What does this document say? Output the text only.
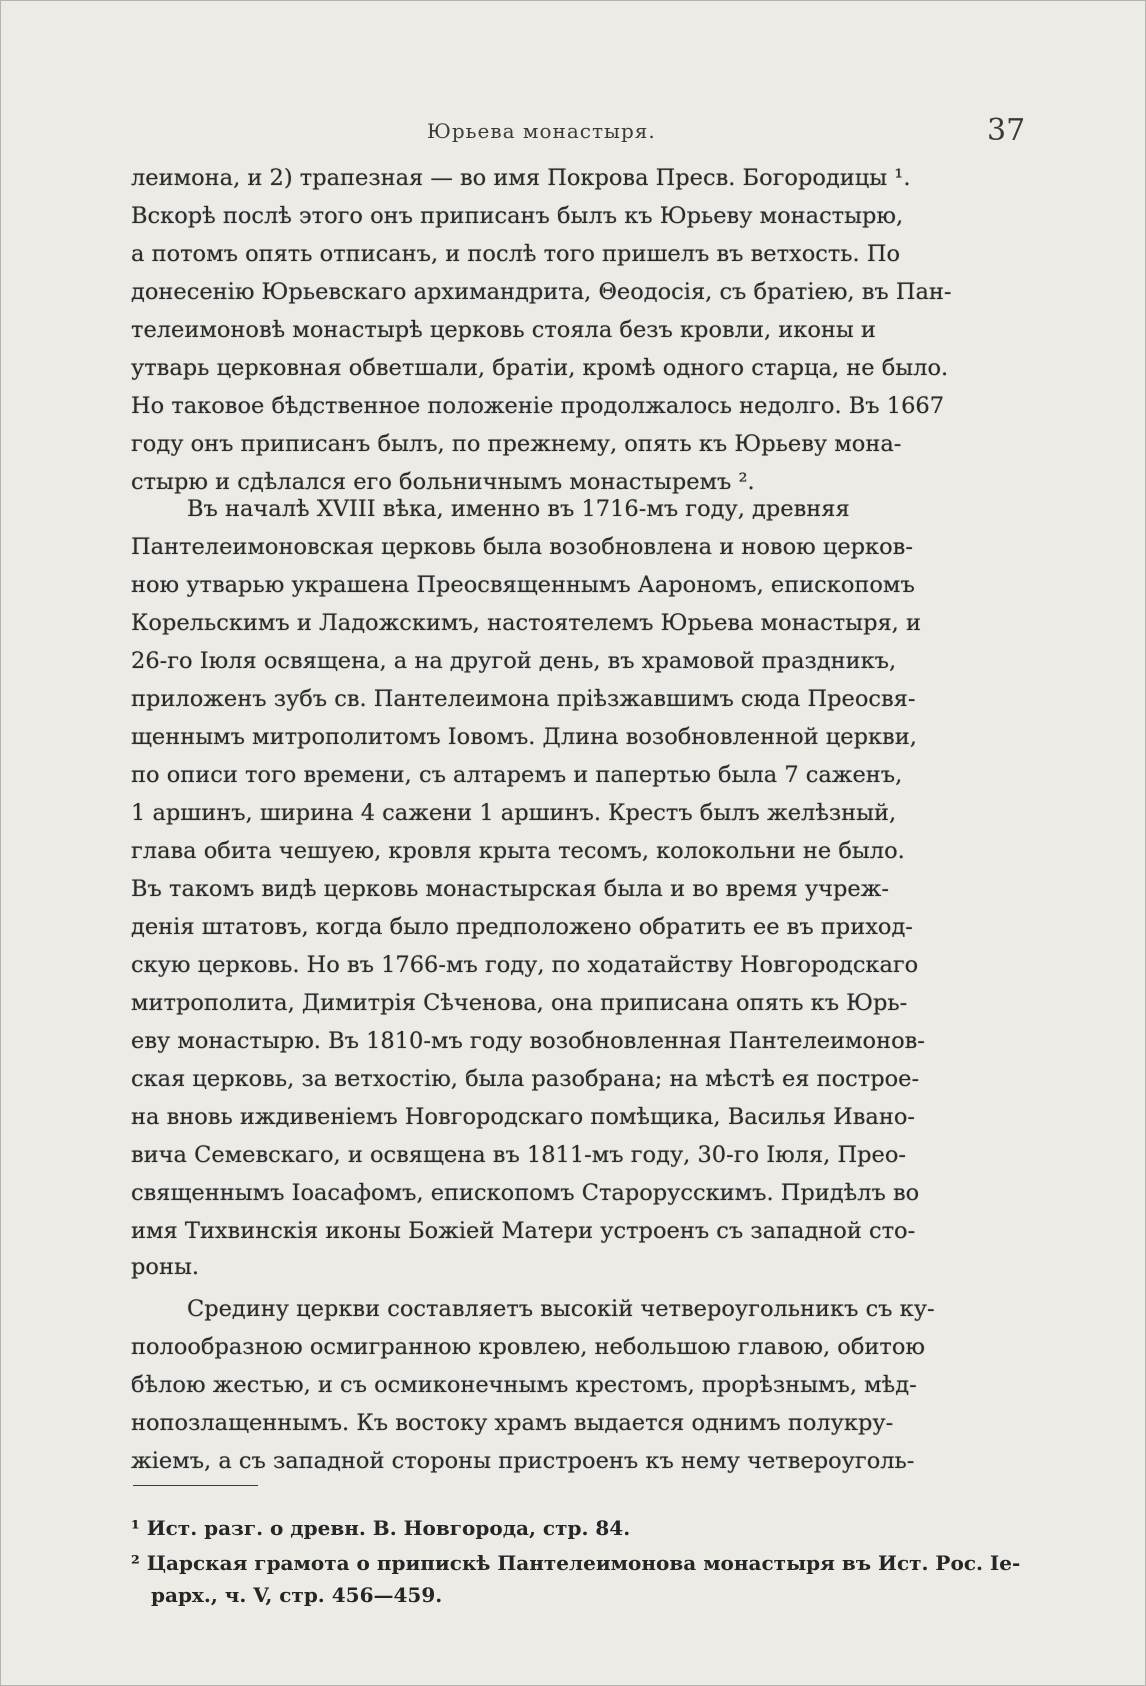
Юрьева монастыря.	37
леимона, и 2) трапезная — во имя Покрова Пресв. Богородицы ¹.
Вскорѣ послѣ этого онъ приписанъ былъ къ Юрьеву монастырю,
а потомъ опять отписанъ, и послѣ того пришелъ въ ветхость. По
донесенію Юрьевскаго архимандрита, Θеодосія, съ братіею, въ Пан-
телеимоновѣ монастырѣ церковь стояла безъ кровли, иконы и
утварь церковная обветшали, братіи, кромѣ одного старца, не было.
Но таковое бѣдственное положеніе продолжалось недолго. Въ 1667
году онъ приписанъ былъ, по прежнему, опять къ Юрьеву мона-
стырю и сдѣлался его больничнымъ монастыремъ ².
Въ началѣ XVIII вѣка, именно въ 1716-мъ году, древняя
Пантелеимоновская церковь была возобновлена и новою церков-
ною утварью украшена Преосвященнымъ Аарономъ, епископомъ
Корельскимъ и Ладожскимъ, настоятелемъ Юрьева монастыря, и
26-го Іюля освящена, а на другой день, въ храмовой праздникъ,
приложенъ зубъ св. Пантелеимона пріѣзжавшимъ сюда Преосвя-
щеннымъ митрополитомъ Іовомъ. Длина возобновленной церкви,
по описи того времени, съ алтаремъ и папертью была 7 саженъ,
1 аршинъ, ширина 4 сажени 1 аршинъ. Крестъ былъ желѣзный,
глава обита чешуею, кровля крыта тесомъ, колокольни не было.
Въ такомъ видѣ церковь монастырская была и во время учреж-
денія штатовъ, когда было предположено обратить ее въ приход-
скую церковь. Но въ 1766-мъ году, по ходатайству Новгородскаго
митрополита, Димитрія Сѣченова, она приписана опять къ Юрь-
еву монастырю. Въ 1810-мъ году возобновленная Пантелеимонов-
ская церковь, за ветхостію, была разобрана; на мѣстѣ ея построе-
на вновь иждивеніемъ Новгородскаго помѣщика, Василья Ивано-
вича Семевскаго, и освящена въ 1811-мъ году, 30-го Іюля, Прео-
священнымъ Іоасафомъ, епископомъ Старорусскимъ. Придѣлъ во
имя Тихвинскія иконы Божіей Матери устроенъ съ западной сто-
роны.
Средину церкви составляетъ высокій четвероугольникъ съ ку-
полообразною осмигранною кровлею, небольшою главою, обитою
бѣлою жестью, и съ осмиконечнымъ крестомъ, прорѣзнымъ, мѣд-
нопозлащеннымъ. Къ востоку храмъ выдается однимъ полукру-
жіемъ, а съ западной стороны пристроенъ къ нему четвероуголь-
¹ Ист. разг. о древн. В. Новгорода, стр. 84.
² Царская грамота о припискѣ Пантелеимонова монастыря въ Ист. Рос. Іе-
рарх., ч. V, стр. 456—459.
